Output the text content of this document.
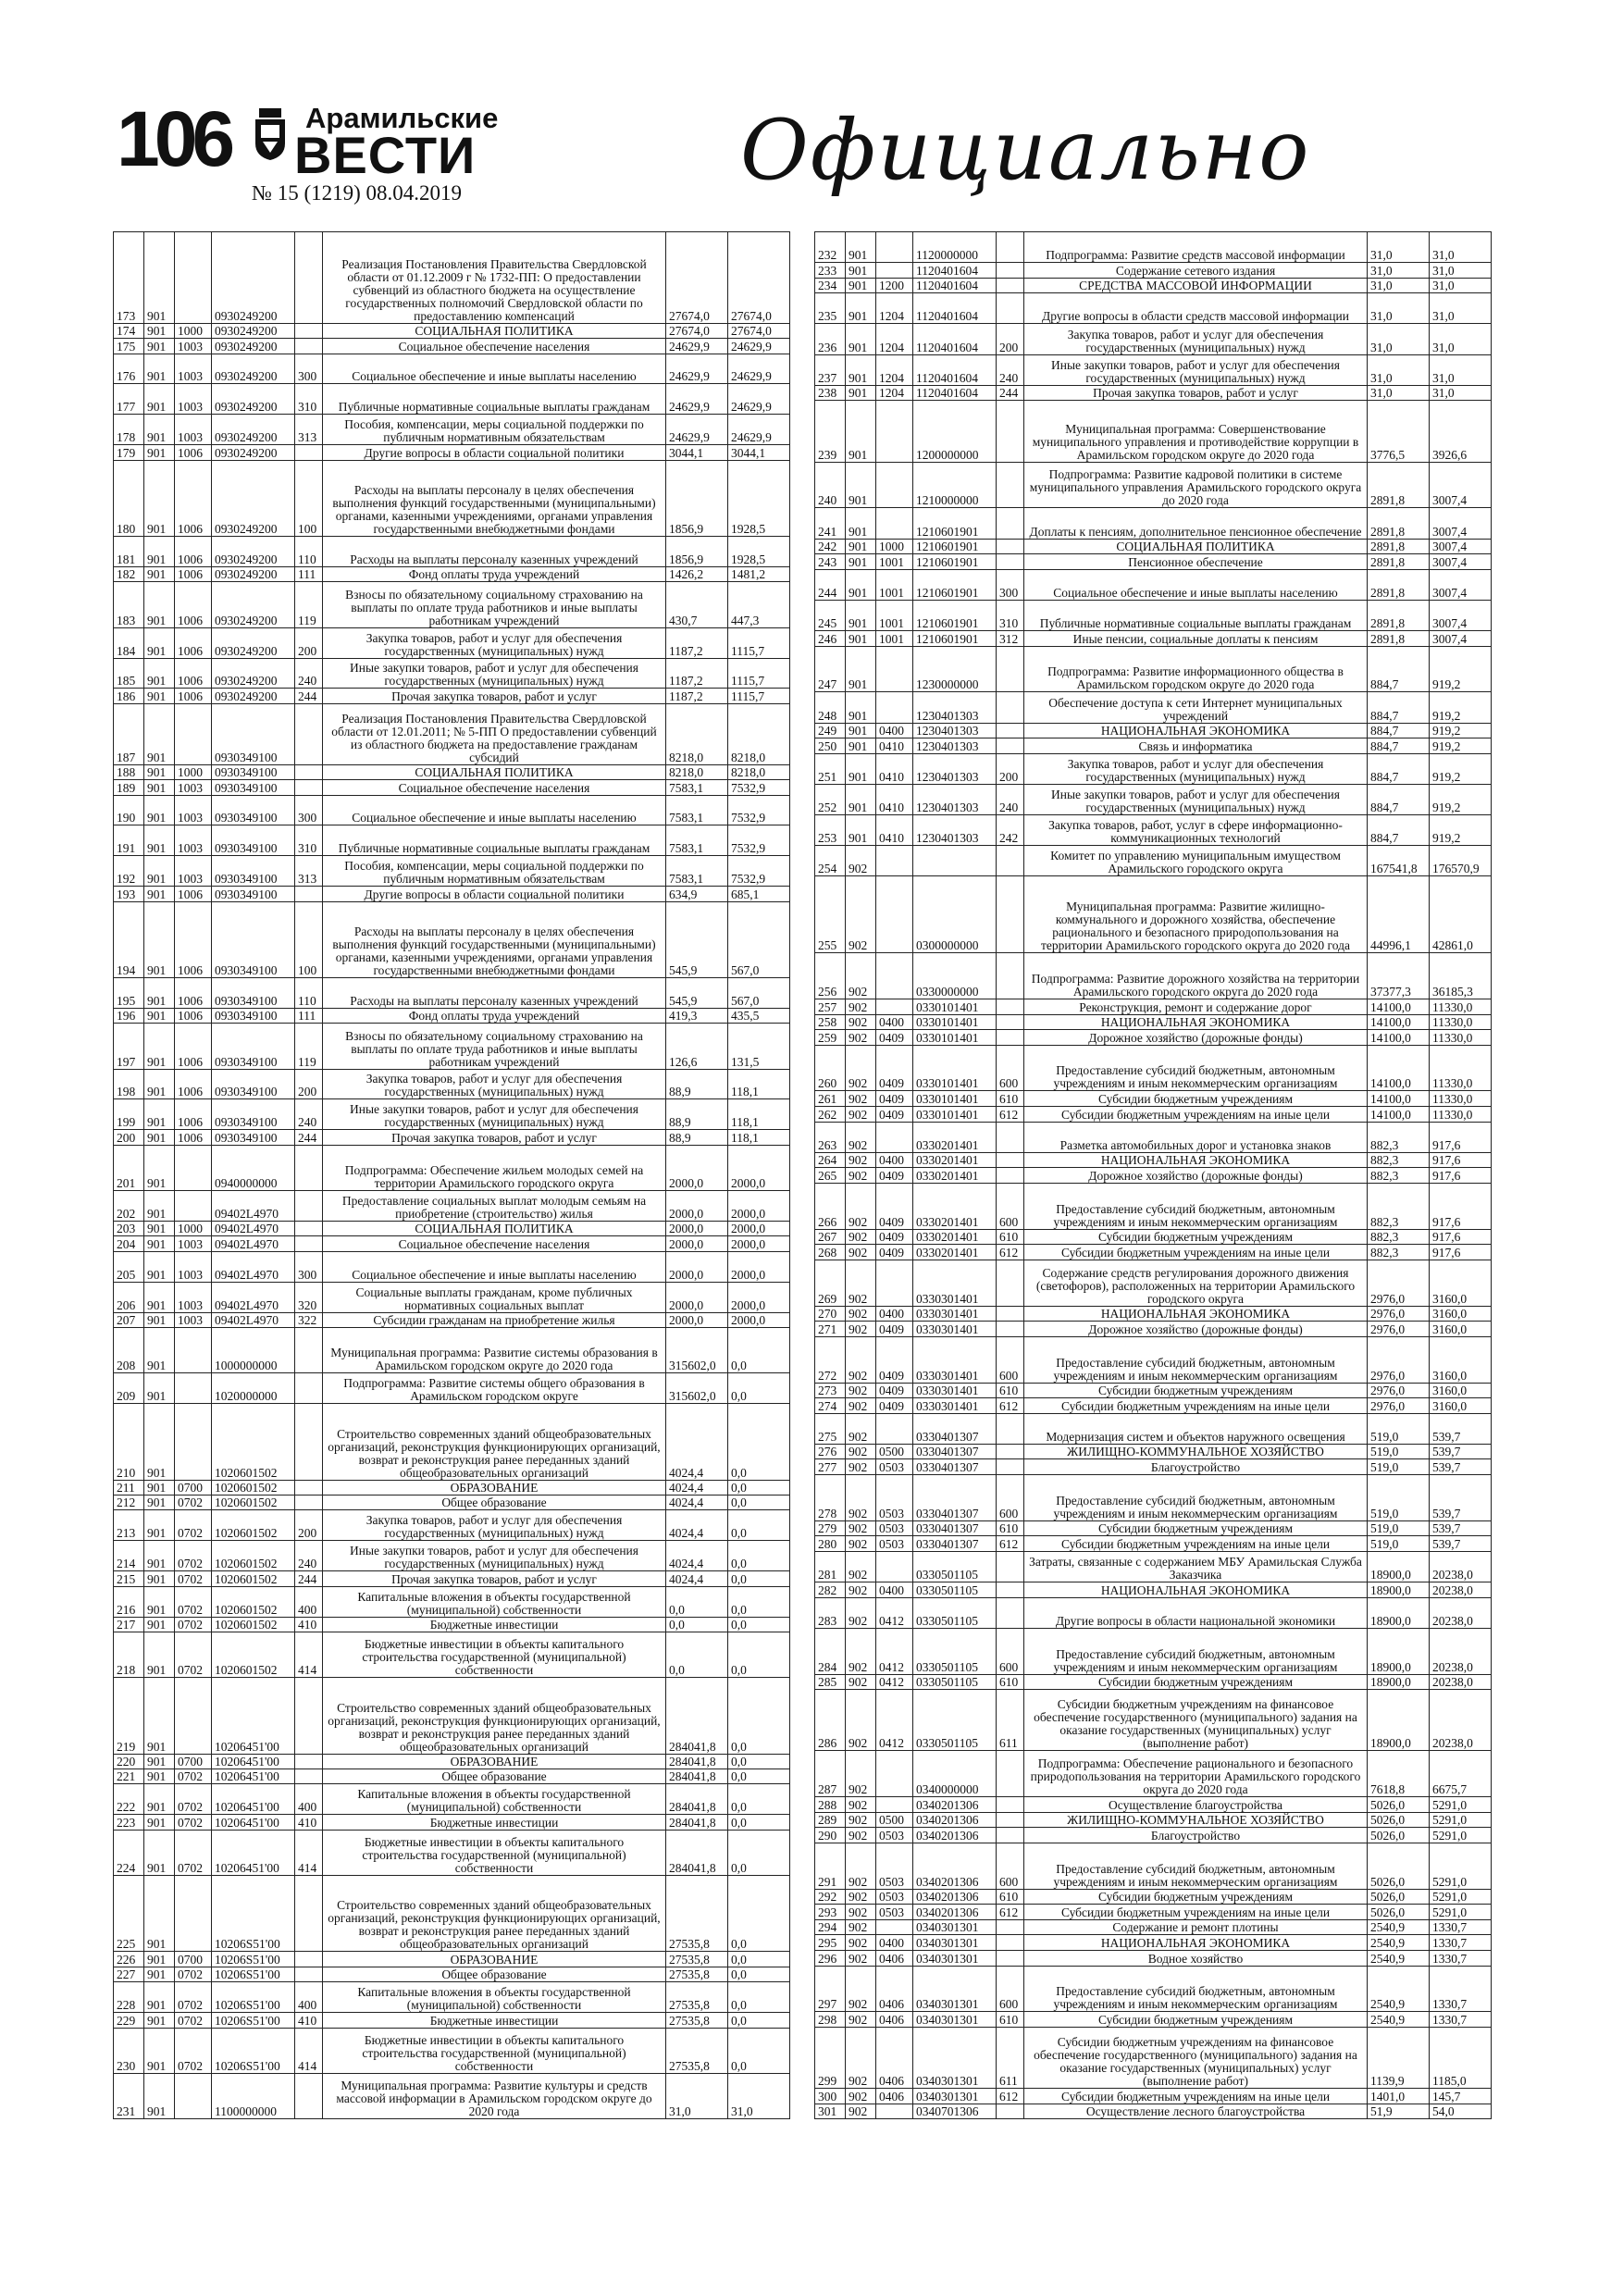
106	Арамильские
ВЕСТИ
№ 15 (1219) 08.04.2019	Официально
173	901		0930249200		Реализация Постановления Правительства Свердловской области от 01.12.2009 г № 1732-ПП: О предоставлении субвенций из областного бюджета на осуществление государственных полномочий Свердловской области по предоставлению компенсаций	27674,0	27674,0
174	901	1000	0930249200		СОЦИАЛЬНАЯ ПОЛИТИКА	27674,0	27674,0
175	901	1003	0930249200		Социальное обеспечение населения	24629,9	24629,9
176	901	1003	0930249200	300	Социальное обеспечение и иные выплаты населению	24629,9	24629,9
177	901	1003	0930249200	310	Публичные нормативные социальные выплаты гражданам	24629,9	24629,9
178	901	1003	0930249200	313	Пособия, компенсации, меры социальной поддержки по публичным нормативным обязательствам	24629,9	24629,9
179	901	1006	0930249200		Другие вопросы в области социальной политики	3044,1	3044,1
180	901	1006	0930249200	100	Расходы на выплаты персоналу в целях обеспечения выполнения функций государственными (муниципальными) органами, казенными учреждениями, органами управления государственными внебюджетными фондами	1856,9	1928,5
181	901	1006	0930249200	110	Расходы на выплаты персоналу казенных учреждений	1856,9	1928,5
182	901	1006	0930249200	111	Фонд оплаты труда учреждений	1426,2	1481,2
183	901	1006	0930249200	119	Взносы по обязательному социальному страхованию на выплаты по оплате труда работников и иные выплаты работникам учреждений	430,7	447,3
184	901	1006	0930249200	200	Закупка товаров, работ и услуг для обеспечения государственных (муниципальных) нужд	1187,2	1115,7
185	901	1006	0930249200	240	Иные закупки товаров, работ и услуг для обеспечения государственных (муниципальных) нужд	1187,2	1115,7
186	901	1006	0930249200	244	Прочая закупка товаров, работ и услуг	1187,2	1115,7
187	901		0930349100		Реализация Постановления Правительства Свердловской области от 12.01.2011; № 5-ПП О предоставлении субвенций из областного бюджета на предоставление гражданам субсидий	8218,0	8218,0
188	901	1000	0930349100		СОЦИАЛЬНАЯ ПОЛИТИКА	8218,0	8218,0
189	901	1003	0930349100		Социальное обеспечение населения	7583,1	7532,9
190	901	1003	0930349100	300	Социальное обеспечение и иные выплаты населению	7583,1	7532,9
191	901	1003	0930349100	310	Публичные нормативные социальные выплаты гражданам	7583,1	7532,9
192	901	1003	0930349100	313	Пособия, компенсации, меры социальной поддержки по публичным нормативным обязательствам	7583,1	7532,9
193	901	1006	0930349100		Другие вопросы в области социальной политики	634,9	685,1
194	901	1006	0930349100	100	Расходы на выплаты персоналу в целях обеспечения выполнения функций государственными (муниципальными) органами, казенными учреждениями, органами управления государственными внебюджетными фондами	545,9	567,0
195	901	1006	0930349100	110	Расходы на выплаты персоналу казенных учреждений	545,9	567,0
196	901	1006	0930349100	111	Фонд оплаты труда учреждений	419,3	435,5
197	901	1006	0930349100	119	Взносы по обязательному социальному страхованию на выплаты по оплате труда работников и иные выплаты работникам учреждений	126,6	131,5
198	901	1006	0930349100	200	Закупка товаров, работ и услуг для обеспечения государственных (муниципальных) нужд	88,9	118,1
199	901	1006	0930349100	240	Иные закупки товаров, работ и услуг для обеспечения государственных (муниципальных) нужд	88,9	118,1
200	901	1006	0930349100	244	Прочая закупка товаров, работ и услуг	88,9	118,1
201	901		0940000000		Подпрограмма: Обеспечение жильем молодых семей на территории Арамильского городского округа	2000,0	2000,0
202	901		09402L4970		Предоставление социальных выплат молодым семьям на приобретение (строительство) жилья	2000,0	2000,0
203	901	1000	09402L4970		СОЦИАЛЬНАЯ ПОЛИТИКА	2000,0	2000,0
204	901	1003	09402L4970		Социальное обеспечение населения	2000,0	2000,0
205	901	1003	09402L4970	300	Социальное обеспечение и иные выплаты населению	2000,0	2000,0
206	901	1003	09402L4970	320	Социальные выплаты гражданам, кроме публичных нормативных социальных выплат	2000,0	2000,0
207	901	1003	09402L4970	322	Субсидии гражданам на приобретение жилья	2000,0	2000,0
208	901		1000000000		Муниципальная программа: Развитие системы образования в Арамильском городском округе до 2020 года	315602,0	0,0
209	901		1020000000		Подпрограмма: Развитие системы общего образования в Арамильском городском округе	315602,0	0,0
210	901		1020601502		Строительство современных зданий общеобразовательных организаций, реконструкция функционирующих организаций, возврат и реконструкция ранее переданных зданий общеобразовательных организаций	4024,4	0,0
211	901	0700	1020601502		ОБРАЗОВАНИЕ	4024,4	0,0
212	901	0702	1020601502		Общее образование	4024,4	0,0
213	901	0702	1020601502	200	Закупка товаров, работ и услуг для обеспечения государственных (муниципальных) нужд	4024,4	0,0
214	901	0702	1020601502	240	Иные закупки товаров, работ и услуг для обеспечения государственных (муниципальных) нужд	4024,4	0,0
215	901	0702	1020601502	244	Прочая закупка товаров, работ и услуг	4024,4	0,0
216	901	0702	1020601502	400	Капитальные вложения в объекты государственной (муниципальной) собственности	0,0	0,0
217	901	0702	1020601502	410	Бюджетные инвестиции	0,0	0,0
218	901	0702	1020601502	414	Бюджетные инвестиции в объекты капитального строительства государственной (муниципальной) собственности	0,0	0,0
219	901		10206451'00		Строительство современных зданий общеобразовательных организаций, реконструкция функционирующих организаций, возврат и реконструкция ранее переданных зданий общеобразовательных организаций	284041,8	0,0
220	901	0700	10206451'00		ОБРАЗОВАНИЕ	284041,8	0,0
221	901	0702	10206451'00		Общее образование	284041,8	0,0
222	901	0702	10206451'00	400	Капитальные вложения в объекты государственной (муниципальной) собственности	284041,8	0,0
223	901	0702	10206451'00	410	Бюджетные инвестиции	284041,8	0,0
224	901	0702	10206451'00	414	Бюджетные инвестиции в объекты капитального строительства государственной (муниципальной) собственности	284041,8	0,0
225	901		10206S51'00		Строительство современных зданий общеобразовательных организаций, реконструкция функционирующих организаций, возврат и реконструкция ранее переданных зданий общеобразовательных организаций	27535,8	0,0
226	901	0700	10206S51'00		ОБРАЗОВАНИЕ	27535,8	0,0
227	901	0702	10206S51'00		Общее образование	27535,8	0,0
228	901	0702	10206S51'00	400	Капитальные вложения в объекты государственной (муниципальной) собственности	27535,8	0,0
229	901	0702	10206S51'00	410	Бюджетные инвестиции	27535,8	0,0
230	901	0702	10206S51'00	414	Бюджетные инвестиции в объекты капитального строительства государственной (муниципальной) собственности	27535,8	0,0
231	901		1100000000		Муниципальная программа: Развитие культуры и средств массовой информации в Арамильском городском округе до 2020 года	31,0	31,0
232	901		1120000000		Подпрограмма: Развитие средств массовой информации	31,0	31,0
233	901		1120401604		Содержание сетевого издания	31,0	31,0
234	901	1200	1120401604		СРЕДСТВА МАССОВОЙ ИНФОРМАЦИИ	31,0	31,0
235	901	1204	1120401604		Другие вопросы в области средств массовой информации	31,0	31,0
236	901	1204	1120401604	200	Закупка товаров, работ и услуг для обеспечения государственных (муниципальных) нужд	31,0	31,0
237	901	1204	1120401604	240	Иные закупки товаров, работ и услуг для обеспечения государственных (муниципальных) нужд	31,0	31,0
238	901	1204	1120401604	244	Прочая закупка товаров, работ и услуг	31,0	31,0
239	901		1200000000		Муниципальная программа: Совершенствование муниципального управления и противодействие коррупции в Арамильском городском округе до 2020 года	3776,5	3926,6
240	901		1210000000		Подпрограмма: Развитие кадровой политики в системе муниципального управления Арамильского городского округа до 2020 года	2891,8	3007,4
241	901		1210601901		Доплаты к пенсиям, дополнительное пенсионное обеспечение	2891,8	3007,4
242	901	1000	1210601901		СОЦИАЛЬНАЯ ПОЛИТИКА	2891,8	3007,4
243	901	1001	1210601901		Пенсионное обеспечение	2891,8	3007,4
244	901	1001	1210601901	300	Социальное обеспечение и иные выплаты населению	2891,8	3007,4
245	901	1001	1210601901	310	Публичные нормативные социальные выплаты гражданам	2891,8	3007,4
246	901	1001	1210601901	312	Иные пенсии, социальные доплаты к пенсиям	2891,8	3007,4
247	901		1230000000		Подпрограмма: Развитие информационного общества в Арамильском городском округе до 2020 года	884,7	919,2
248	901		1230401303		Обеспечение доступа к сети Интернет муниципальных учреждений	884,7	919,2
249	901	0400	1230401303		НАЦИОНАЛЬНАЯ ЭКОНОМИКА	884,7	919,2
250	901	0410	1230401303		Связь и информатика	884,7	919,2
251	901	0410	1230401303	200	Закупка товаров, работ и услуг для обеспечения государственных (муниципальных) нужд	884,7	919,2
252	901	0410	1230401303	240	Иные закупки товаров, работ и услуг для обеспечения государственных (муниципальных) нужд	884,7	919,2
253	901	0410	1230401303	242	Закупка товаров, работ, услуг в сфере информационно-коммуникационных технологий	884,7	919,2
254	902				Комитет по управлению муниципальным имуществом Арамильского городского округа	167541,8	176570,9
255	902		0300000000		Муниципальная программа: Развитие жилищно-коммунального и дорожного хозяйства, обеспечение рационального и безопасного природопользования на территории Арамильского городского округа до 2020 года	44996,1	42861,0
256	902		0330000000		Подпрограмма: Развитие дорожного хозяйства на территории Арамильского городского округа до 2020 года	37377,3	36185,3
257	902		0330101401		Реконструкция, ремонт и содержание дорог	14100,0	11330,0
258	902	0400	0330101401		НАЦИОНАЛЬНАЯ ЭКОНОМИКА	14100,0	11330,0
259	902	0409	0330101401		Дорожное хозяйство (дорожные фонды)	14100,0	11330,0
260	902	0409	0330101401	600	Предоставление субсидий бюджетным, автономным учреждениям и иным некоммерческим организациям	14100,0	11330,0
261	902	0409	0330101401	610	Субсидии бюджетным учреждениям	14100,0	11330,0
262	902	0409	0330101401	612	Субсидии бюджетным учреждениям на иные цели	14100,0	11330,0
263	902		0330201401		Разметка автомобильных дорог и установка знаков	882,3	917,6
264	902	0400	0330201401		НАЦИОНАЛЬНАЯ ЭКОНОМИКА	882,3	917,6
265	902	0409	0330201401		Дорожное хозяйство (дорожные фонды)	882,3	917,6
266	902	0409	0330201401	600	Предоставление субсидий бюджетным, автономным учреждениям и иным некоммерческим организациям	882,3	917,6
267	902	0409	0330201401	610	Субсидии бюджетным учреждениям	882,3	917,6
268	902	0409	0330201401	612	Субсидии бюджетным учреждениям на иные цели	882,3	917,6
269	902		0330301401		Содержание средств регулирования дорожного движения (светофоров), расположенных на территории Арамильского городского округа	2976,0	3160,0
270	902	0400	0330301401		НАЦИОНАЛЬНАЯ ЭКОНОМИКА	2976,0	3160,0
271	902	0409	0330301401		Дорожное хозяйство (дорожные фонды)	2976,0	3160,0
272	902	0409	0330301401	600	Предоставление субсидий бюджетным, автономным учреждениям и иным некоммерческим организациям	2976,0	3160,0
273	902	0409	0330301401	610	Субсидии бюджетным учреждениям	2976,0	3160,0
274	902	0409	0330301401	612	Субсидии бюджетным учреждениям на иные цели	2976,0	3160,0
275	902		0330401307		Модернизация систем и объектов наружного освещения	519,0	539,7
276	902	0500	0330401307		ЖИЛИЩНО-КОММУНАЛЬНОЕ ХОЗЯЙСТВО	519,0	539,7
277	902	0503	0330401307		Благоустройство	519,0	539,7
278	902	0503	0330401307	600	Предоставление субсидий бюджетным, автономным учреждениям и иным некоммерческим организациям	519,0	539,7
279	902	0503	0330401307	610	Субсидии бюджетным учреждениям	519,0	539,7
280	902	0503	0330401307	612	Субсидии бюджетным учреждениям на иные цели	519,0	539,7
281	902		0330501105		Затраты, связанные с содержанием МБУ Арамильская Служба Заказчика	18900,0	20238,0
282	902	0400	0330501105		НАЦИОНАЛЬНАЯ ЭКОНОМИКА	18900,0	20238,0
283	902	0412	0330501105		Другие вопросы в области национальной экономики	18900,0	20238,0
284	902	0412	0330501105	600	Предоставление субсидий бюджетным, автономным учреждениям и иным некоммерческим организациям	18900,0	20238,0
285	902	0412	0330501105	610	Субсидии бюджетным учреждениям	18900,0	20238,0
286	902	0412	0330501105	611	Субсидии бюджетным учреждениям на финансовое обеспечение государственного (муниципального) задания на оказание государственных (муниципальных) услуг (выполнение работ)	18900,0	20238,0
287	902		0340000000		Подпрограмма: Обеспечение рационального и безопасного природопользования на территории Арамильского городского округа до 2020 года	7618,8	6675,7
288	902		0340201306		Осуществление благоустройства	5026,0	5291,0
289	902	0500	0340201306		ЖИЛИЩНО-КОММУНАЛЬНОЕ ХОЗЯЙСТВО	5026,0	5291,0
290	902	0503	0340201306		Благоустройство	5026,0	5291,0
291	902	0503	0340201306	600	Предоставление субсидий бюджетным, автономным учреждениям и иным некоммерческим организациям	5026,0	5291,0
292	902	0503	0340201306	610	Субсидии бюджетным учреждениям	5026,0	5291,0
293	902	0503	0340201306	612	Субсидии бюджетным учреждениям на иные цели	5026,0	5291,0
294	902		0340301301		Содержание и ремонт плотины	2540,9	1330,7
295	902	0400	0340301301		НАЦИОНАЛЬНАЯ ЭКОНОМИКА	2540,9	1330,7
296	902	0406	0340301301		Водное хозяйство	2540,9	1330,7
297	902	0406	0340301301	600	Предоставление субсидий бюджетным, автономным учреждениям и иным некоммерческим организациям	2540,9	1330,7
298	902	0406	0340301301	610	Субсидии бюджетным учреждениям	2540,9	1330,7
299	902	0406	0340301301	611	Субсидии бюджетным учреждениям на финансовое обеспечение государственного (муниципального) задания на оказание государственных (муниципальных) услуг (выполнение работ)	1139,9	1185,0
300	902	0406	0340301301	612	Субсидии бюджетным учреждениям на иные цели	1401,0	145,7
301	902		0340701306		Осуществление лесного благоустройства	51,9	54,0
